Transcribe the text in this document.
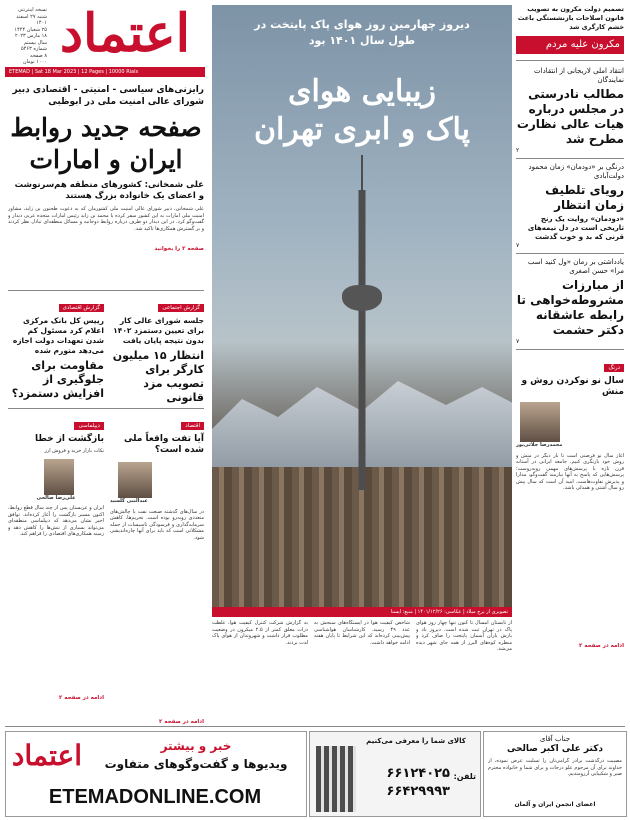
اعتماد
نسخه اینترنتی
شنبه ۲۷ اسفند ۱۴۰۱
۲۵ شعبان ۱۴۴۴
۱۸ مارس ۲۰۲۳
سال بیستم
شماره ۵۴۶۳
۸ صفحه
۱۰۰۰ تومان
ETEMAD | Sat 18 Mar 2023 | 12 Pages | 10000 Rials
رایزنی‌های سیاسی - امنیتی - اقتصادی دبیر شورای عالی امنیت ملی در ابوظبی
صفحه جدید روابط ایران و امارات
علی شمخانی: کشورهای منطقه هم‌سرنوشت و اعضای یک خانواده بزرگ هستند
علی شمخانی، دبیر شورای عالی امنیت ملی کشورمان که به دعوت طحنون بن زاید، مشاور امنیت ملی امارات به این کشور سفر کرده با محمد بن زاید رئیس امارات متحده عربی دیدار و گفت‌وگو کرد. در این دیدار دو طرف درباره روابط دوجانبه و مسائل منطقه‌ای تبادل نظر کردند و بر گسترش همکاری‌ها تاکید شد.
صفحه ۲ را بخوانید
گزارش اقتصادی
رییس کل بانک مرکزی اعلام کرد مسئول کم شدن تعهدات دولت اجازه می‌دهد متورم شده
مقاومت برای جلوگیری از افزایش دستمزد؟
گزارش اجتماعی
جلسه شورای عالی کار برای تعیین دستمزد ۱۴۰۲ بدون نتیجه پایان یافت
انتظار ۱۵ میلیون کارگر برای تصویب مزد قانونی
دیپلماسی
بازگشت از خطا
نکات بازار خرید و فروش ارز
علی‌رضا صالحی
ایران و عربستان پس از چند سال قطع روابط، اکنون مسیر بازگشت را آغاز کرده‌اند. توافق اخیر نشان می‌دهد که دیپلماسی منطقه‌ای می‌تواند بسیاری از تنش‌ها را کاهش دهد و زمینه همکاری‌های اقتصادی را فراهم کند.
ادامه در صفحه ۲
اقتصاد
آیا تفت واقعاً ملی شده است؟
عبدالنبی گلسید
در سال‌های گذشته صنعت نفت با چالش‌های متعددی روبه‌رو بوده است. تحریم‌ها، کاهش سرمایه‌گذاری و فرسودگی تاسیسات از جمله مشکلاتی است که باید برای آنها چاره‌اندیشی شود.
ادامه در صفحه ۲
دیروز چهارمین روز هوای پاک پایتخت در طول سال ۱۴۰۱ بود
زیبایی هوای
پاک و ابری تهران
تصویری از برج میلاد | عکاسی: ۱۴۰۱/۱۲/۲۶ | منبع: ایسنا
از تابستان امسال تا کنون تنها چهار روز هوای پاک در تهران ثبت شده است. دیروز باد و بارش باران آسمان پایتخت را صاف کرد و منظره کوه‌های البرز از همه جای شهر دیده می‌شد.
شاخص کیفیت هوا در ایستگاه‌های سنجش به عدد ۴۹ رسید. کارشناسان هواشناسی پیش‌بینی کرده‌اند که این شرایط تا پایان هفته ادامه خواهد داشت.
به گزارش شرکت کنترل کیفیت هوا، غلظت ذرات معلق کمتر از ۲.۵ میکرون در وضعیت مطلوب قرار داشت و شهروندان از هوای پاک لذت بردند.
تصمیم دولت مکرون به تصویب قانون اصلاحات بازنشستگی باعث خشم کارگری شد
مکرون علیه مردم
انتقاد املی لاریجانی از انتقادات نمایندگان
مطالب نادرستی در مجلس درباره هیات عالی نظارت مطرح شد
۲
درنگی بر «دودمان» زمان محمود دولت‌آبادی
رویای تلطیف زمان انتظار
«دودمان» روایت یک رنج تاریخی است در دل نیمه‌های قرنی که بد و خوب گذشت
۷
یادداشتی بر رمان «ول کنید اسب مرا» حسن اصغری
از مبارزات مشروطه‌خواهی تا رابطه عاشقانه دکتر حشمت
۷
درنگ
سال نو نوکردن روش و منش
محمدرضا جلائی‌پور
آغاز سال نو فرصتی است تا بار دیگر در منش و روش خود بازنگری کنیم. جامعه ایرانی در آستانه قرن تازه با پرسش‌های مهمی روبه‌روست؛ پرسش‌هایی که پاسخ به آنها نیازمند گفت‌وگو، مدارا و پذیرش تفاوت‌هاست. امید آن است که سال پیش رو سال آشتی و همدلی باشد.
ادامه در صفحه ۲
اعتماد	خبر و بیشتر
ویدیوها و گفت‌وگوهای متفاوت
ETEMADONLINE.COM
کالای شما را معرفی می‌کنیم
تلفن:
۶۶۱۲۴۰۲۵
۶۶۴۲۹۹۹۳
جناب آقای
دکتر علی اکبر صالحی
مصیبت درگذشت برادر گرامی‌تان را تسلیت عرض نموده، از خداوند برای آن مرحوم علو درجات و برای شما و خانواده محترم صبر و شکیبایی آرزومندیم.
اعضای انجمن ایران و آلمان
